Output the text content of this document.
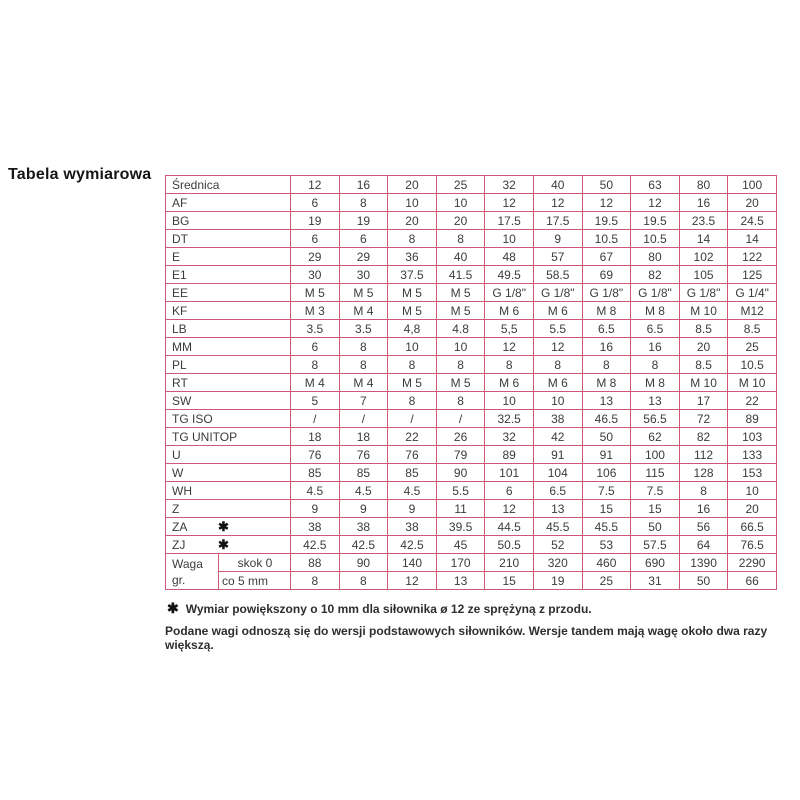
Tabela wymiarowa
Średnica		12	16	20	25	32	40	50	63	80	100
AF		6	8	10	10	12	12	12	12	16	20
BG		19	19	20	20	17.5	17.5	19.5	19.5	23.5	24.5
DT		6	6	8	8	10	9	10.5	10.5	14	14
E		29	29	36	40	48	57	67	80	102	122
E1		30	30	37.5	41.5	49.5	58.5	69	82	105	125
EE		M 5	M 5	M 5	M 5	G 1/8"	G 1/8"	G 1/8"	G 1/8"	G 1/8"	G 1/4"
KF		M 3	M 4	M 5	M 5	M 6	M 6	M 8	M 8	M 10	M12
LB		3.5	3.5	4,8	4.8	5,5	5.5	6.5	6.5	8.5	8.5
MM		6	8	10	10	12	12	16	16	20	25
PL		8	8	8	8	8	8	8	8	8.5	10.5
RT		M 4	M 4	M 5	M 5	M 6	M 6	M 8	M 8	M 10	M 10
SW		5	7	8	8	10	10	13	13	17	22
TG ISO		/	/	/	/	32.5	38	46.5	56.5	72	89
TG UNITOP		18	18	22	26	32	42	50	62	82	103
U		76	76	76	79	89	91	91	100	112	133
W		85	85	85	90	101	104	106	115	128	153
WH		4.5	4.5	4.5	5.5	6	6.5	7.5	7.5	8	10
Z		9	9	9	11	12	13	15	15	16	20
ZA ✱		38	38	38	39.5	44.5	45.5	45.5	50	56	66.5
ZJ ✱		42.5	42.5	42.5	45	50.5	52	53	57.5	64	76.5

Waga
gr.	skok 0	88	90	140	170	210	320	460	690	1390	2290
	co 5 mm	8	8	12	13	15	19	25	31	50	66
✱ Wymiar powiększony o 10 mm dla siłownika ø 12 ze sprężyną z przodu.
Podane wagi odnoszą się do wersji podstawowych siłowników. Wersje tandem mają wagę około dwa razy większą.
